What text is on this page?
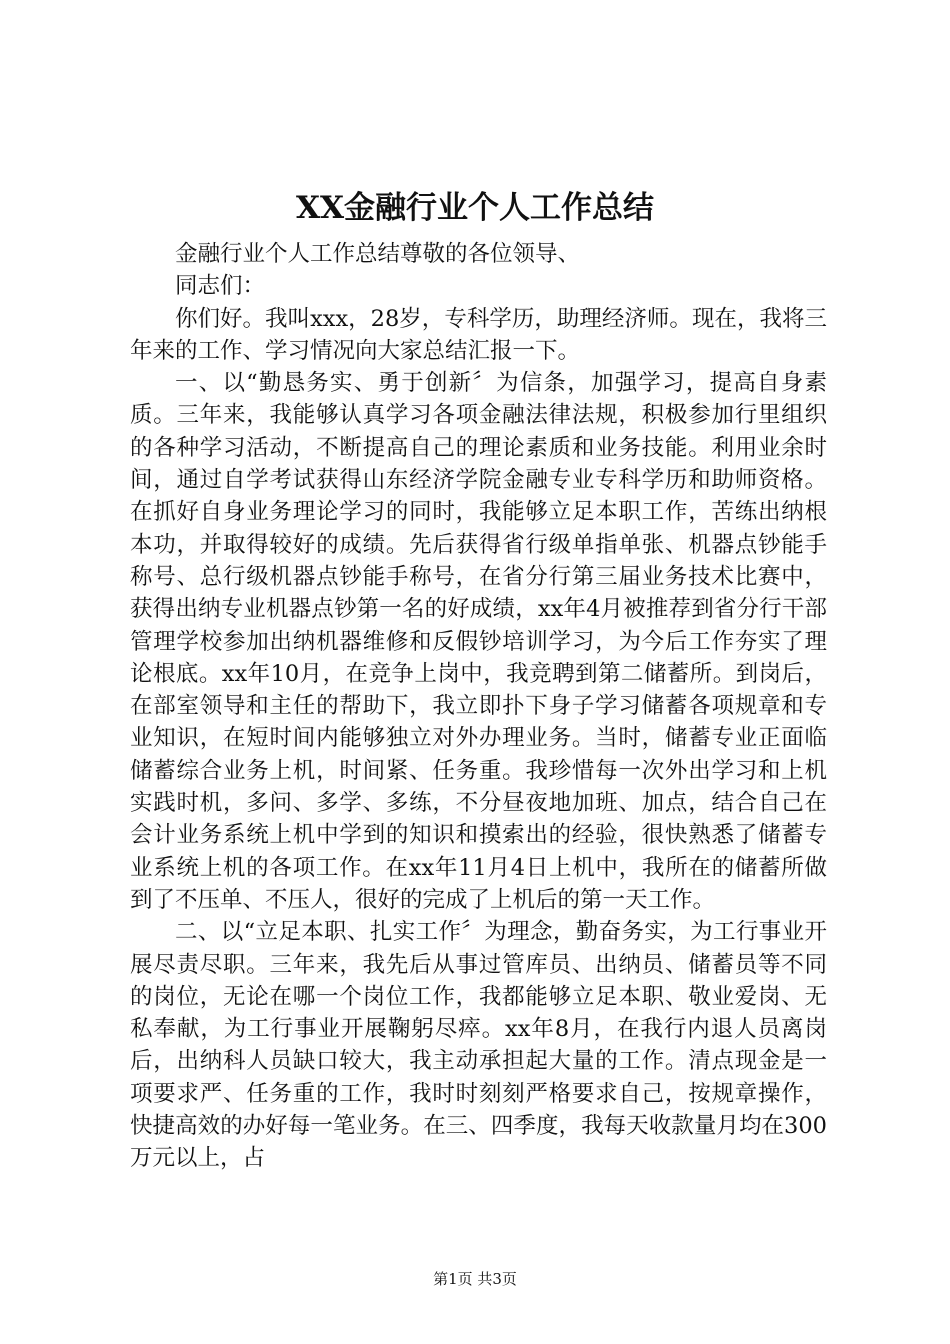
XX金融行业个人工作总结

金融行业个人工作总结尊敬的各位领导、

同志们：

你们好。我叫xxx，28岁，专科学历，助理经济师。现在，我将三年来的工作、学习情况向大家总结汇报一下。

一、以“勤恳务实、勇于创新〞为信条，加强学习，提高自身素质。三年来，我能够认真学习各项金融法律法规，积极参加行里组织的各种学习活动，不断提高自己的理论素质和业务技能。利用业余时间，通过自学考试获得山东经济学院金融专业专科学历和助师资格。在抓好自身业务理论学习的同时，我能够立足本职工作，苦练出纳根本功，并取得较好的成绩。先后获得省行级单指单张、机器点钞能手称号、总行级机器点钞能手称号，在省分行第三届业务技术比赛中，获得出纳专业机器点钞第一名的好成绩，xx年4月被推荐到省分行干部管理学校参加出纳机器维修和反假钞培训学习，为今后工作夯实了理论根底。xx年10月，在竞争上岗中，我竞聘到第二储蓄所。到岗后，在部室领导和主任的帮助下，我立即扑下身子学习储蓄各项规章和专业知识，在短时间内能够独立对外办理业务。当时，储蓄专业正面临储蓄综合业务上机，时间紧、任务重。我珍惜每一次外出学习和上机实践时机，多问、多学、多练，不分昼夜地加班、加点，结合自己在会计业务系统上机中学到的知识和摸索出的经验，很快熟悉了储蓄专业系统上机的各项工作。在xx年11月4日上机中，我所在的储蓄所做到了不压单、不压人，很好的完成了上机后的第一天工作。

二、以“立足本职、扎实工作〞为理念，勤奋务实，为工行事业开展尽责尽职。三年来，我先后从事过管库员、出纳员、储蓄员等不同的岗位，无论在哪一个岗位工作，我都能够立足本职、敬业爱岗、无私奉献，为工行事业开展鞠躬尽瘁。xx年8月，在我行内退人员离岗后，出纳科人员缺口较大，我主动承担起大量的工作。清点现金是一项要求严、任务重的工作，我时时刻刻严格要求自己，按规章操作，快捷高效的办好每一笔业务。在三、四季度，我每天收款量月均在300万元以上，占

第1页 共3页
